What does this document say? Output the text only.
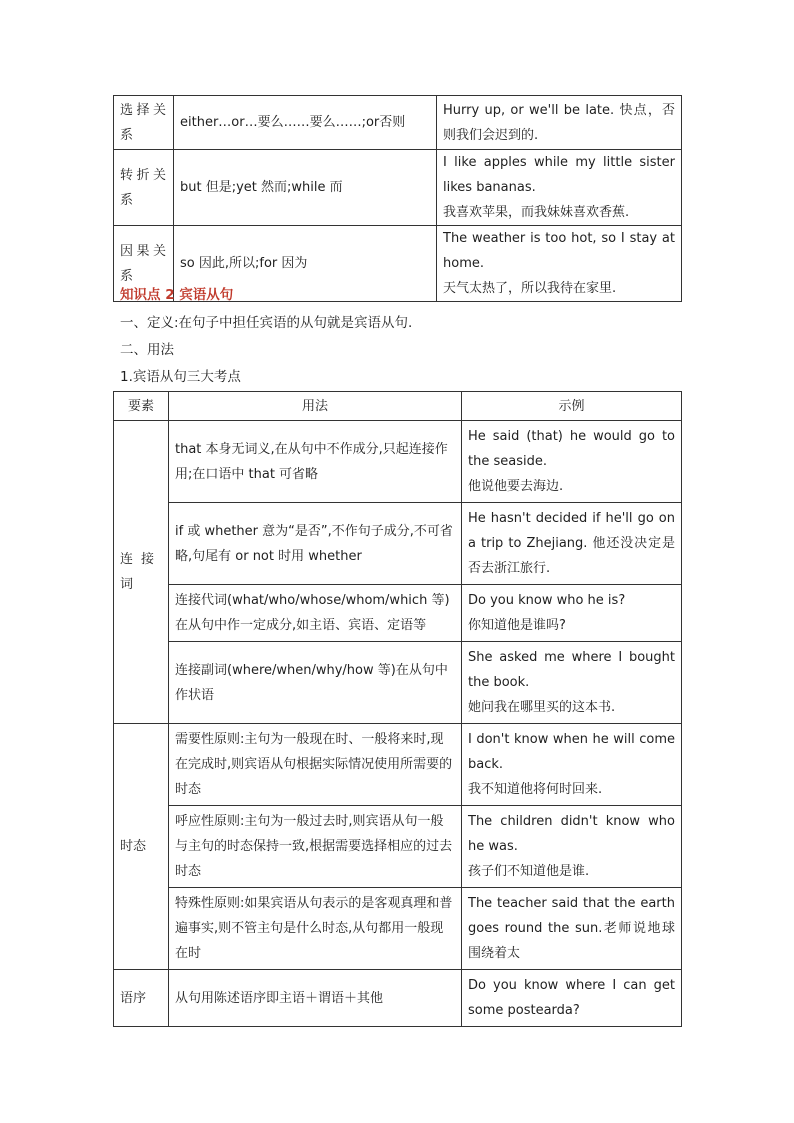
选择关系	either…or…要么……要么……;or否则	Hurry up, or we'll be late. 快点，否则我们会迟到的.

转折关系	but 但是;yet 然而;while 而	I like apples while my little sister likes bananas.
我喜欢苹果，而我妹妹喜欢香蕉.

因果关系	so 因此,所以;for 因为	The weather is too hot, so I stay at home.
天气太热了，所以我待在家里.
知识点 2 宾语从句
一、定义:在句子中担任宾语的从句就是宾语从句.
二、用法
1.宾语从句三大考点
要素	用法	示例
连接词	that 本身无词义,在从句中不作成分,只起连接作用;在口语中 that 可省略	He said (that) he would go to the seaside.
他说他要去海边.

	if 或 whether 意为“是否”,不作句子成分,不可省略,句尾有 or not 时用 whether	He hasn't decided if he'll go on a trip to Zhejiang. 他还没决定是否去浙江旅行.

	连接代词(what/who/whose/whom/which 等)在从句中作一定成分,如主语、宾语、定语等	Do you know who he is?
你知道他是谁吗?

	连接副词(where/when/why/how 等)在从句中作状语	She asked me where I bought the book.
她问我在哪里买的这本书.

时态	需要性原则:主句为一般现在时、一般将来时,现在完成时,则宾语从句根据实际情况使用所需要的时态	I don't know when he will come back.
我不知道他将何时回来.

	呼应性原则:主句为一般过去时,则宾语从句一般与主句的时态保持一致,根据需要选择相应的过去时态	The children didn't know who he was.
孩子们不知道他是谁.

	特殊性原则:如果宾语从句表示的是客观真理和普遍事实,则不管主句是什么时态,从句都用一般现在时	The teacher said that the earth goes round the sun.老师说地球围绕着太

语序	从句用陈述语序即主语＋谓语＋其他	Do you know where I can get some postearda?
